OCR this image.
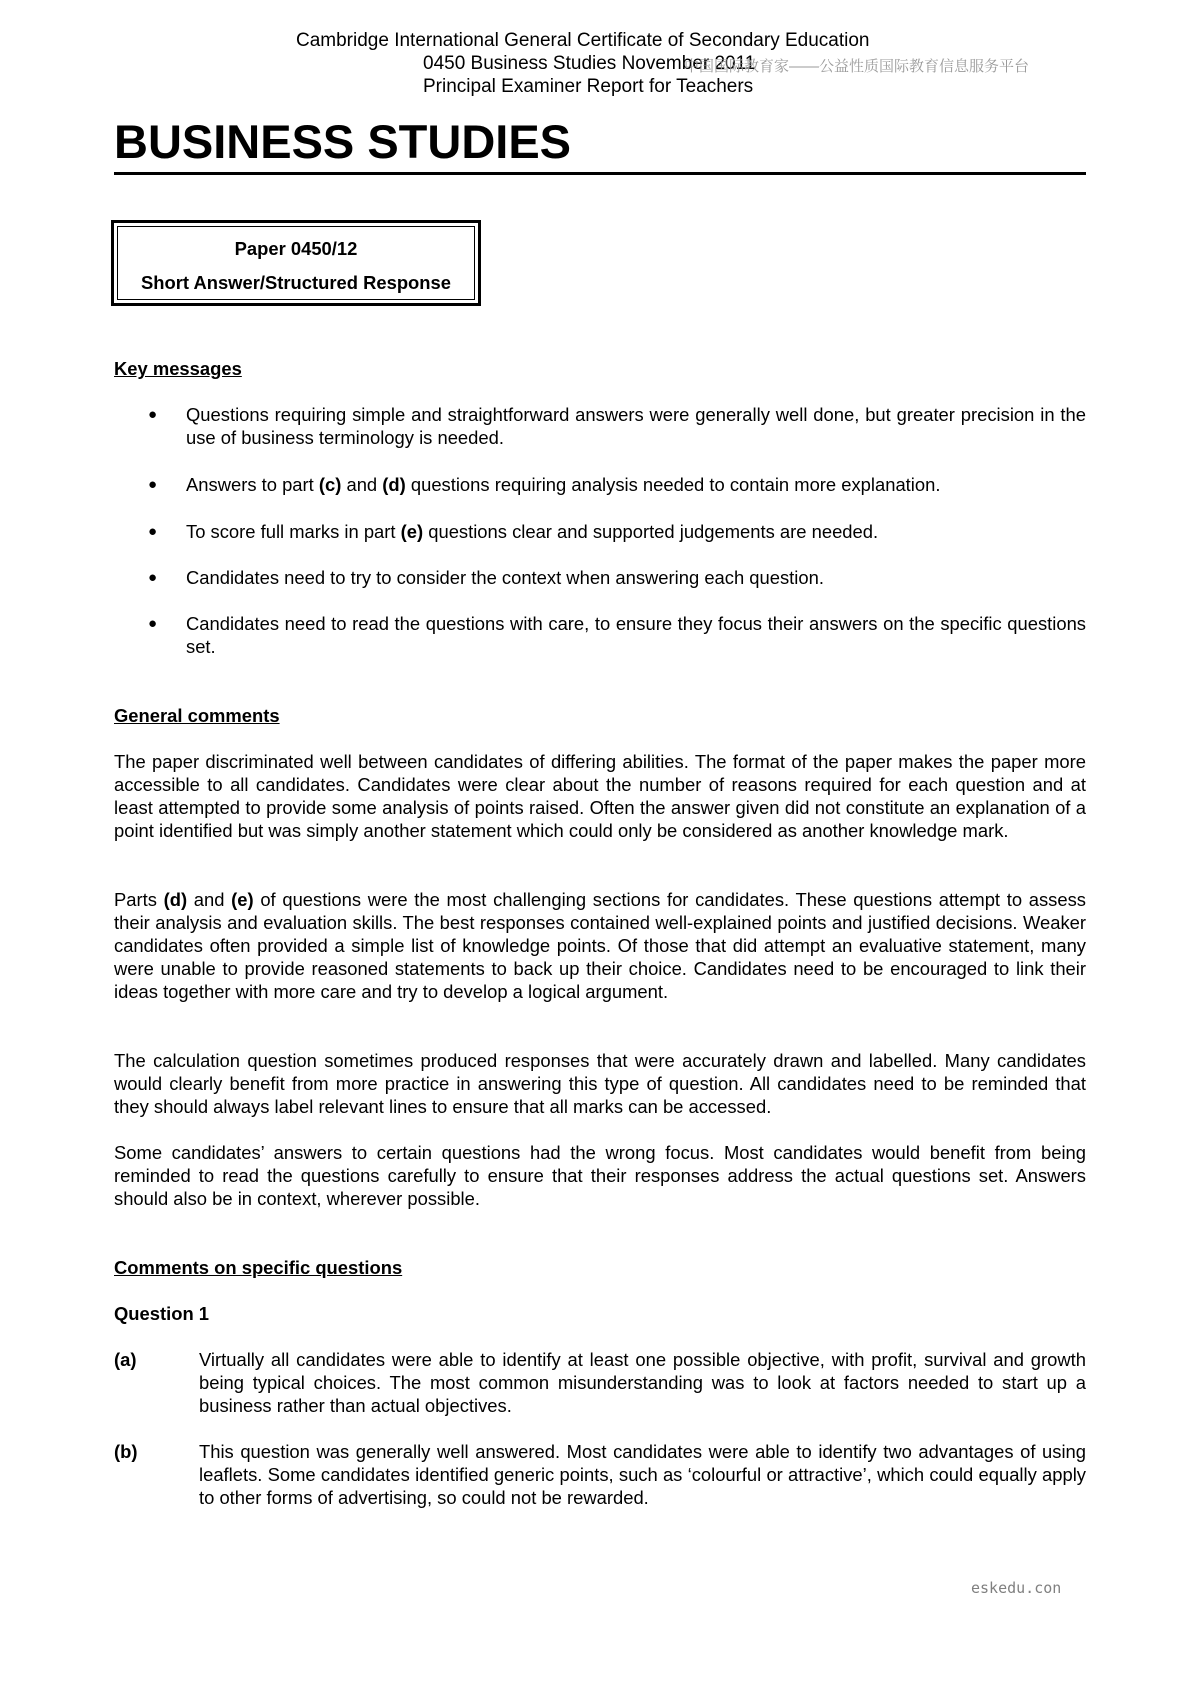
Cambridge International General Certificate of Secondary Education
0450 Business Studies November 2011
中国国际教育家——公益性质国际教育信息服务平台
Principal Examiner Report for Teachers
BUSINESS STUDIES
Paper 0450/12
Short Answer/Structured Response
Key messages
● Questions requiring simple and straightforward answers were generally well done, but greater precision in the use of business terminology is needed.
● Answers to part (c) and (d) questions requiring analysis needed to contain more explanation.
● To score full marks in part (e) questions clear and supported judgements are needed.
● Candidates need to try to consider the context when answering each question.
● Candidates need to read the questions with care, to ensure they focus their answers on the specific questions set.
General comments

The paper discriminated well between candidates of differing abilities. The format of the paper makes the paper more accessible to all candidates. Candidates were clear about the number of reasons required for each question and at least attempted to provide some analysis of points raised. Often the answer given did not constitute an explanation of a point identified but was simply another statement which could only be considered as another knowledge mark.

Parts (d) and (e) of questions were the most challenging sections for candidates. These questions attempt to assess their analysis and evaluation skills. The best responses contained well-explained points and justified decisions. Weaker candidates often provided a simple list of knowledge points. Of those that did attempt an evaluative statement, many were unable to provide reasoned statements to back up their choice. Candidates need to be encouraged to link their ideas together with more care and try to develop a logical argument.

The calculation question sometimes produced responses that were accurately drawn and labelled. Many candidates would clearly benefit from more practice in answering this type of question. All candidates need to be reminded that they should always label relevant lines to ensure that all marks can be accessed.

Some candidates’ answers to certain questions had the wrong focus. Most candidates would benefit from being reminded to read the questions carefully to ensure that their responses address the actual questions set. Answers should also be in context, wherever possible.

Comments on specific questions
Question 1
(a)	Virtually all candidates were able to identify at least one possible objective, with profit, survival and growth being typical choices. The most common misunderstanding was to look at factors needed to start up a business rather than actual objectives.
(b)	This question was generally well answered. Most candidates were able to identify two advantages of using leaflets. Some candidates identified generic points, such as ‘colourful or attractive’, which could equally apply to other forms of advertising, so could not be rewarded.
eskedu.con
